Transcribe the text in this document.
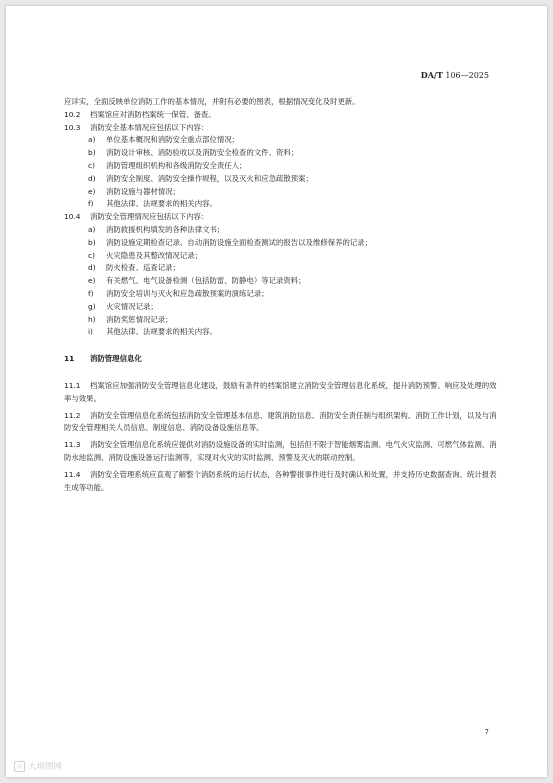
DA/T 106—2025

应详实，全面反映单位消防工作的基本情况，并附有必要的图表，根据情况变化及时更新。

10.2	档案馆应对消防档案统一保管、备查。
10.3	消防安全基本情况应包括以下内容：
a)	单位基本概况和消防安全重点部位情况；
b)	消防设计审核、消防验收以及消防安全检查的文件、资料；
c)	消防管理组织机构和各级消防安全责任人；
d)	消防安全制度、消防安全操作规程，以及灭火和应急疏散预案；
e)	消防设施与器材情况；
f)	其他法律、法规要求的相关内容。
10.4	消防安全管理情况应包括以下内容：
a)	消防救援机构填发的各种法律文书；
b)	消防设施定期检查记录、自动消防设施全面检查测试的报告以及维修保养的记录；
c)	火灾隐患及其整改情况记录；
d)	防火检查、巡查记录；
e)	有关燃气、电气设备检测（包括防雷、防静电）等记录资料；
f)	消防安全培训与灭火和应急疏散预案的演练记录；
g)	火灾情况记录；
h)	消防奖惩情况记录；
i)	其他法律、法规要求的相关内容。
11	消防管理信息化

11.1 档案馆应加强消防安全管理信息化建设，鼓励有条件的档案馆建立消防安全管理信息化系统，提升消防预警、响应及处理的效率与效果。

11.2 消防安全管理信息化系统包括消防安全管理基本信息、建筑消防信息、消防安全责任制与组织架构、消防工作计划，以及与消防安全管理相关人员信息、制度信息、消防设备设施信息等。

11.3 消防安全管理信息化系统应提供对消防设施设备的实时监测，包括但不限于智能烟雾监测、电气火灾监测、可燃气体监测、消防水池监测、消防设施设备运行监测等，实现对火灾的实时监测、预警及灭火的联动控制。

11.4 消防安全管理系统应直观了解整个消防系统的运行状态，各种警报事件进行及时确认和处置，并支持历史数据查询、统计报表生成等功能。

7
◎ 大坝图网
